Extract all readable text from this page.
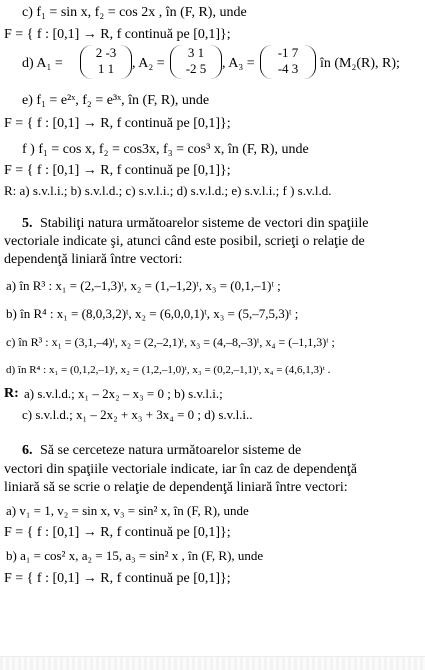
c) f₁ = sin x, f₂ = cos 2x , în (F, R), unde
F = { f : [0,1] → R, f continuă pe [0,1]};
d) A₁ =
2 -3
1 1	, A₂ =
3 1
-2 5	, A₃ =
-1 7
-4 3	în (M₂(R), R);
e) f₁ = e²ˣ, f₂ = e³ˣ, în (F, R), unde
F = { f : [0,1] → R, f continuă pe [0,1]};
f ) f₁ = cos x, f₂ = cos3x, f₃ = cos³ x, în (F, R), unde
F = { f : [0,1] → R, f continuă pe [0,1]};
R: a) s.v.l.i.; b) s.v.l.d.; c) s.v.l.i.; d) s.v.l.d.; e) s.v.l.i.; f ) s.v.l.d.
5. Stabiliţi natura următoarelor sisteme de vectori din spaţiile
vectoriale indicate şi, atunci când este posibil, scrieţi o relaţie de
dependenţă liniară între vectori:
a) în R³ : x₁ = (2,–1,3)ᵗ, x₂ = (1,–1,2)ᵗ, x₃ = (0,1,–1)ᵗ ;
b) în R⁴ : x₁ = (8,0,3,2)ᵗ, x₂ = (6,0,0,1)ᵗ, x₃ = (5,–7,5,3)ᵗ ;
c) în R³ : x₁ = (3,1,–4)ᵗ, x₂ = (2,–2,1)ᵗ, x₃ = (4,–8,–3)ᵗ, x₄ = (–1,1,3)ᵗ ;
d) în R⁴ : x₁ = (0,1,2,–1)ᵗ, x₂ = (1,2,–1,0)ᵗ, x₃ = (0,2,–1,1)ᵗ, x₄ = (4,6,1,3)ᵗ .
R: a) s.v.l.d.; x₁ – 2x₂ – x₃ = 0 ; b) s.v.l.i.;
c) s.v.l.d.; x₁ – 2x₂ + x₃ + 3x₄ = 0 ; d) s.v.l.i..
6. Să se cerceteze natura următoarelor sisteme de
vectori din spaţiile vectoriale indicate, iar în caz de dependenţă
liniară să se scrie o relaţie de dependenţă liniară între vectori:
a) v₁ = 1, v₂ = sin x, v₃ = sin² x, în (F, R), unde
F = { f : [0,1] → R, f continuă pe [0,1]};
b) a₁ = cos² x, a₂ = 15, a₃ = sin² x , în (F, R), unde
F = { f : [0,1] → R, f continuă pe [0,1]};
